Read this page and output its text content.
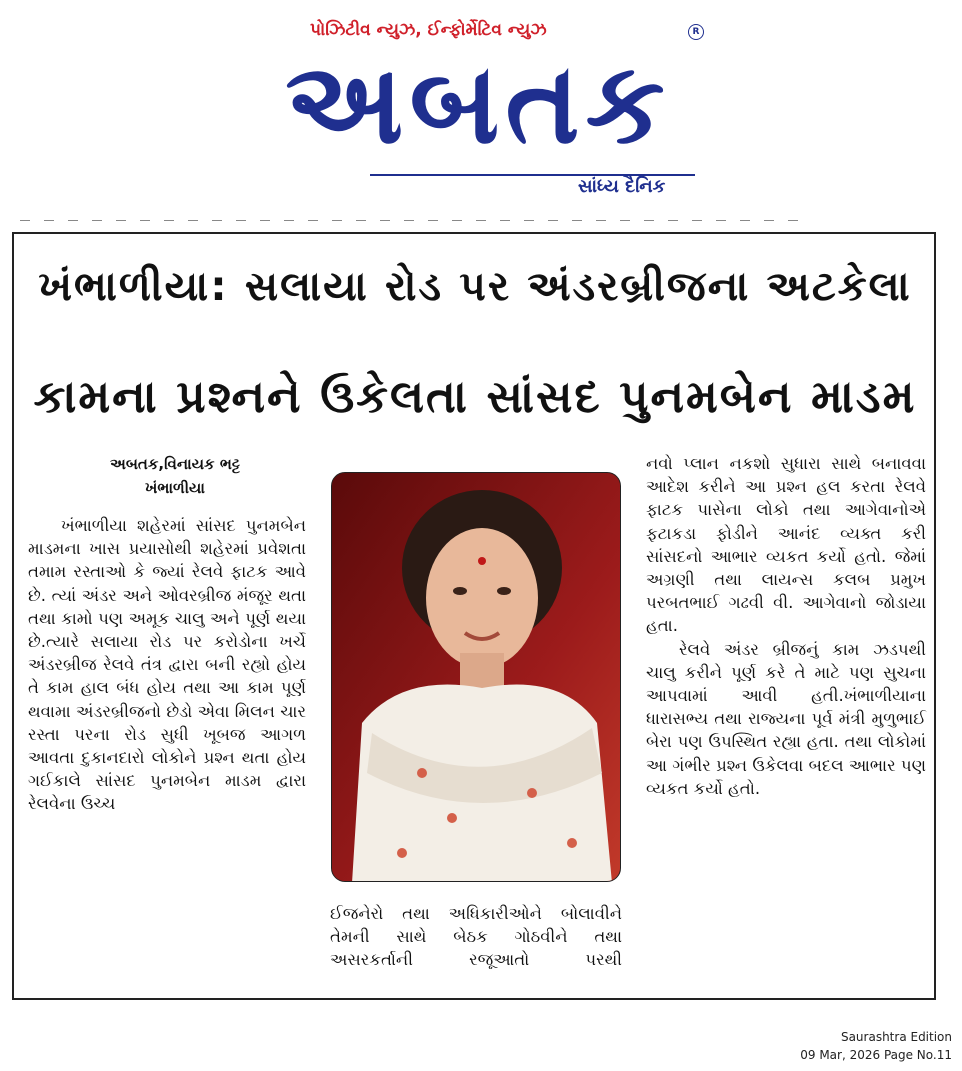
પોઝિટીવ ન્યુઝ, ઈન્ફોર્મેટિવ ન્યુઝ	R
અબતક
સાંધ્ય દૈનિક
ખંભાળીયા: સલાયા રોડ પર અંડરબ્રીજના અટકેલા
કામના પ્રશ્નને ઉકેલતા સાંસદ પુનમબેન માડમ
અબતક,વિનાયક ભટ્ટ
ખંભાળીયા

ખંભાળીયા શહેરમાં સાંસદ પુનમબેન માડમના ખાસ પ્રયાસોથી શહેરમાં પ્રવેશતા તમામ રસ્તાઓ કે જ્યાં રેલવે ફાટક આવે છે. ત્યાં અંડર અને ઓવરબ્રીજ મંજૂર થતા તથા કામો પણ અમૂક ચાલુ અને પૂર્ણ થયા છે.ત્યારે સલાયા રોડ પર કરોડોના ખર્ચે અંડરબ્રીજ રેલવે તંત્ર દ્વારા બની રહ્યો હોય તે કામ હાલ બંધ હોય તથા આ કામ પૂર્ણ થવામા અંડરબ્રીજનો છેડો એવા મિલન ચાર રસ્તા પરના રોડ સુધી ખૂબજ આગળ આવતા દુકાનદારો લોકોને પ્રશ્ન થતા હોય ગઈકાલે સાંસદ પુનમબેન માડમ દ્વારા રેલવેના ઉચ્ચ

ઈજનેરો તથા અધિકારીઓને બોલાવીને તેમની સાથે બેઠક ગોઠવીને તથા અસરકર્તાની રજૂઆતો પરથી

નવો પ્લાન નકશો સુધારા સાથે બનાવવા આદેશ કરીને આ પ્રશ્ન હલ કરતા રેલવે ફાટક પાસેના લોકો તથા આગેવાનોએ ફટાકડા ફોડીને આનંદ વ્યક્ત કરી સાંસદનો આભાર વ્યકત કર્યો હતો. જેમાં અગ્રણી તથા લાયન્સ કલબ પ્રમુખ પરબતભાઈ ગઢવી વી. આગેવાનો જોડાયા હતા.

રેલવે અંડર બ્રીજનું કામ ઝડપથી ચાલુ કરીને પૂર્ણ કરે તે માટે પણ સુચના આપવામાં આવી હતી.ખંભાળીયાના ધારાસભ્ય તથા રાજ્યના પૂર્વ મંત્રી મુળુભાઈ બેરા પણ ઉપસ્થિત રહ્યા હતા. તથા લોકોમાં આ ગંભીર પ્રશ્ન ઉકેલવા બદલ આભાર પણ વ્યકત કર્યો હતો.

Saurashtra Edition
09 Mar, 2026 Page No.11
